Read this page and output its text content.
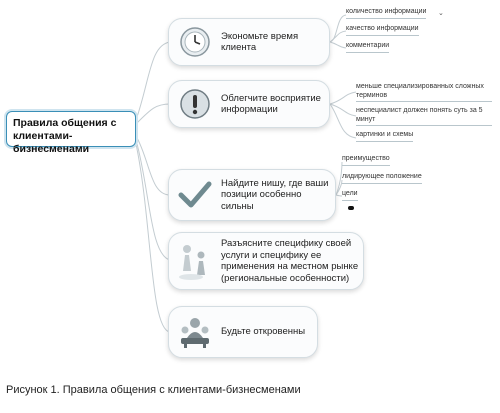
Правила общения с клиентами-бизнесменами
Экономьте время клиента
Облегчите восприятие информации
Найдите нишу, где ваши позиции особенно сильны
Разъясните специфику своей услуги и специфику ее применения на местном рынке (региональные особенности)
Будьте откровенны
количество информации ⌄
качество информации
комментарии
меньше специализированных сложных терминов
неспециалист должен понять суть за 5 минут
картинки и схемы
преимущество
лидирующее положение
цели
Рисунок 1. Правила общения с клиентами-бизнесменами
